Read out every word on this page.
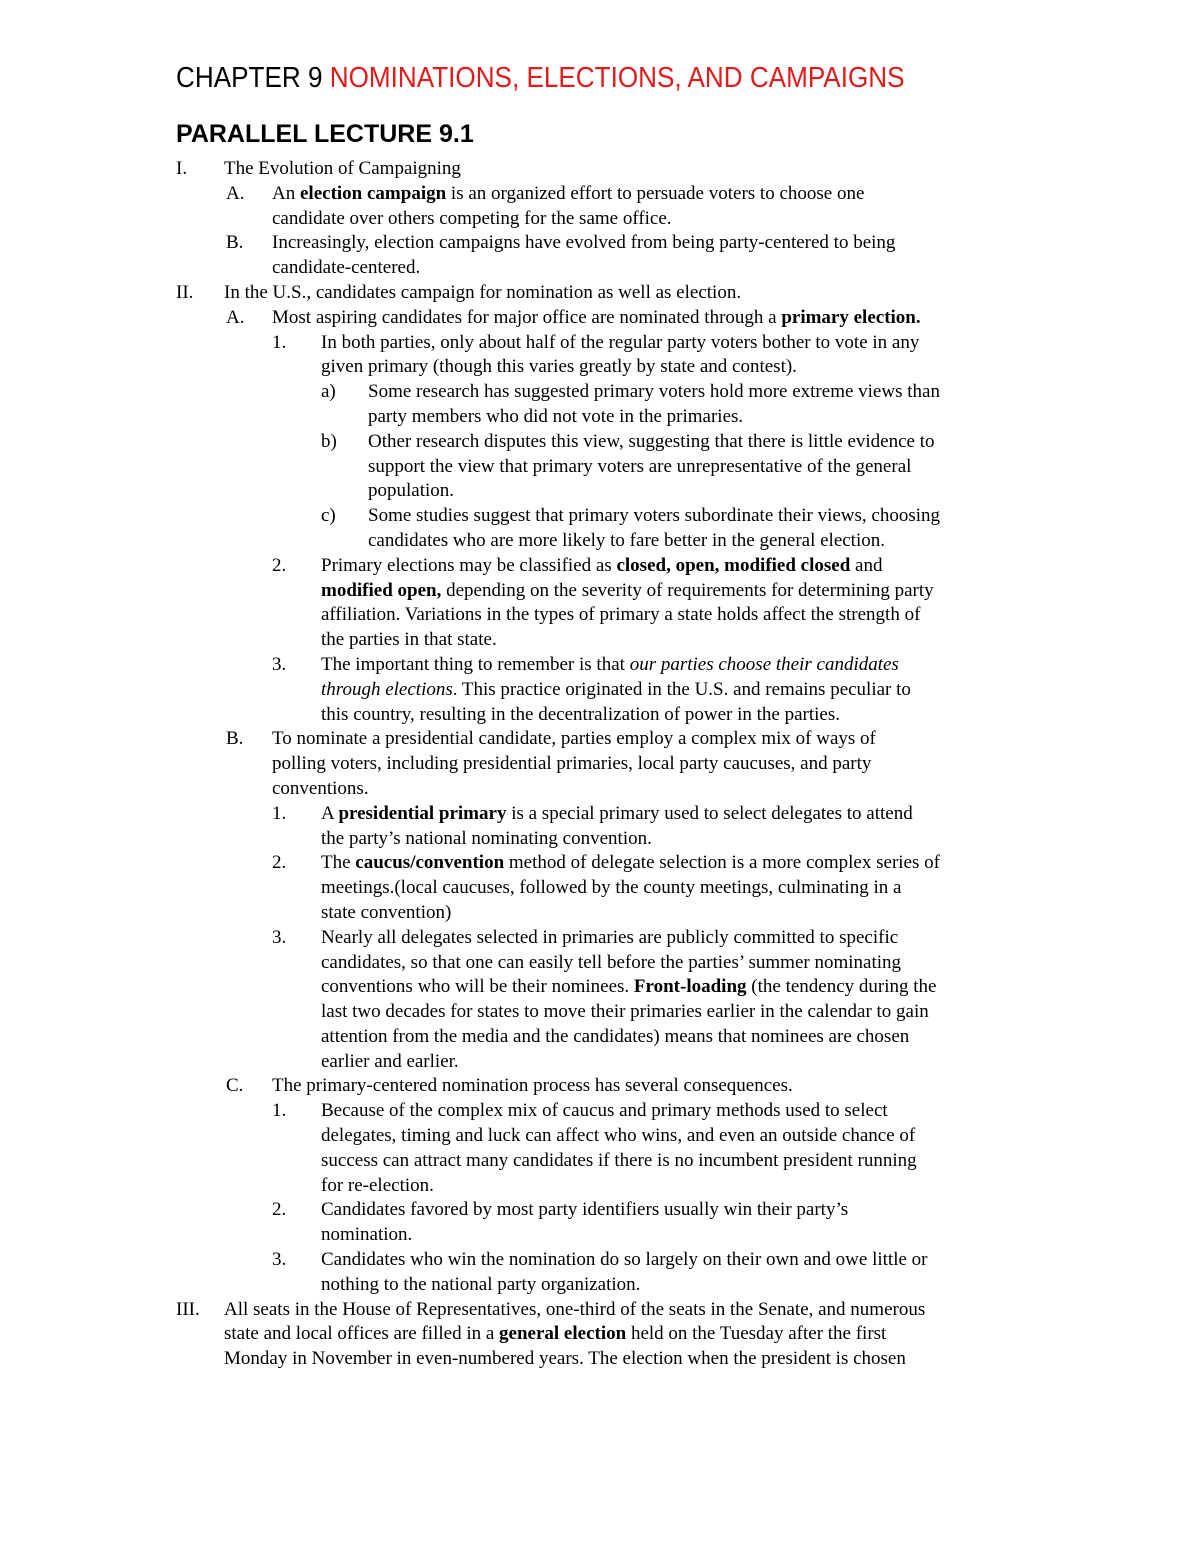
CHAPTER 9 NOMINATIONS, ELECTIONS, AND CAMPAIGNS
PARALLEL LECTURE 9.1
I. The Evolution of Campaigning
A. An election campaign is an organized effort to persuade voters to choose one
candidate over others competing for the same office.
B. Increasingly, election campaigns have evolved from being party-centered to being
candidate-centered.
II. In the U.S., candidates campaign for nomination as well as election.
A. Most aspiring candidates for major office are nominated through a primary election.
1. In both parties, only about half of the regular party voters bother to vote in any
given primary (though this varies greatly by state and contest).
a) Some research has suggested primary voters hold more extreme views than
party members who did not vote in the primaries.
b) Other research disputes this view, suggesting that there is little evidence to
support the view that primary voters are unrepresentative of the general
population.
c) Some studies suggest that primary voters subordinate their views, choosing
candidates who are more likely to fare better in the general election.
2. Primary elections may be classified as closed, open, modified closed and
modified open, depending on the severity of requirements for determining party
affiliation. Variations in the types of primary a state holds affect the strength of
the parties in that state.
3. The important thing to remember is that our parties choose their candidates
through elections. This practice originated in the U.S. and remains peculiar to
this country, resulting in the decentralization of power in the parties.
B. To nominate a presidential candidate, parties employ a complex mix of ways of
polling voters, including presidential primaries, local party caucuses, and party
conventions.
1. A presidential primary is a special primary used to select delegates to attend
the party’s national nominating convention.
2. The caucus/convention method of delegate selection is a more complex series of
meetings.(local caucuses, followed by the county meetings, culminating in a
state convention)
3. Nearly all delegates selected in primaries are publicly committed to specific
candidates, so that one can easily tell before the parties’ summer nominating
conventions who will be their nominees. Front-loading (the tendency during the
last two decades for states to move their primaries earlier in the calendar to gain
attention from the media and the candidates) means that nominees are chosen
earlier and earlier.
C. The primary-centered nomination process has several consequences.
1. Because of the complex mix of caucus and primary methods used to select
delegates, timing and luck can affect who wins, and even an outside chance of
success can attract many candidates if there is no incumbent president running
for re-election.
2. Candidates favored by most party identifiers usually win their party’s
nomination.
3. Candidates who win the nomination do so largely on their own and owe little or
nothing to the national party organization.
III. All seats in the House of Representatives, one-third of the seats in the Senate, and numerous
state and local offices are filled in a general election held on the Tuesday after the first
Monday in November in even-numbered years. The election when the president is chosen
